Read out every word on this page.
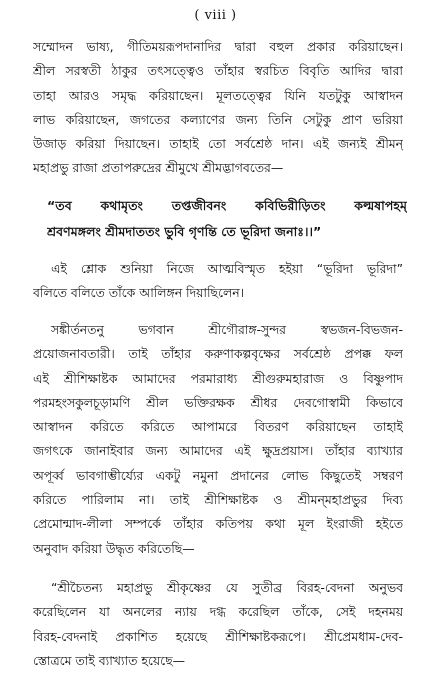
( viii )
সম্মোদন ভাষ্য, গীতিময়রূপদানাদির দ্বারা বহুল প্রকার করিয়াছেন।
শ্রীল সরস্বতী ঠাকুর তৎসত্ত্বেও তাঁহার স্বরচিত বিবৃতি আদির দ্বারা
তাহা আরও সমৃদ্ধ করিয়াছেন। মূলতত্ত্বের যিনি যতটুকু আস্বাদন
লাভ করিয়াছেন, জগতের কল্যাণের জন্য তিনি সেটুকু প্রাণ ভরিয়া
উজাড় করিয়া দিয়াছেন। তাহাই তো সর্বশ্রেষ্ঠ দান। এই জন্যই শ্রীমন্‌
মহাপ্রভু রাজা প্রতাপরুদ্রের শ্রীমুখে শ্রীমদ্ভাগবতের—
“তব কথামৃতং তপ্তজীবনং কবিভিরীড়িতং কল্মষাপহম্‌
শ্রবণমঙ্গলং শ্রীমদাততং ভুবি গৃণন্তি তে ভূরিদা জনাঃ।।”
এই শ্লোক শুনিয়া নিজে আত্মবিস্মৃত হইয়া “ভূরিদা ভূরিদা”
বলিতে বলিতে তাঁকে আলিঙ্গন দিয়াছিলেন।
সঙ্কীর্তনতনু ভগবান শ্রীগৌরাঙ্গ-সুন্দর স্বভজন-বিভজন-
প্রয়োজনাবতারী। তাই তাঁহার করুণাকল্পবৃক্ষের সর্বশ্রেষ্ঠ প্রপক্ক ফল
এই শ্রীশিক্ষাষ্টক আমাদের পরমারাধ্য শ্রীগুরুমহারাজ ও বিষ্ণুপাদ
পরমহংসকুলচূড়ামণি শ্রীল ভক্তিরক্ষক শ্রীধর দেবগোস্বামী কিভাবে
আস্বাদন করিতে করিতে আপামরে বিতরণ করিয়াছেন তাহাই
জগৎকে জানাইবার জন্য আমাদের এই ক্ষুদ্রপ্রয়াস। তাঁহার ব্যাখ্যার
অপূর্ব্ব ভাবগাম্ভীর্য্যের একটু নমুনা প্রদানের লোভ কিছুতেই সম্বরণ
করিতে পারিলাম না। তাই শ্রীশিক্ষাষ্টক ও শ্রীমন্‌মহাপ্রভুর দিব্য
প্রেমোন্মাদ-লীলা সম্পর্কে তাঁহার কতিপয় কথা মূল ইংরাজী হইতে
অনুবাদ করিয়া উদ্ধৃত করিতেছি—
“শ্রীচৈতন্য মহাপ্রভু শ্রীকৃষ্ণের যে সুতীব্র বিরহ-বেদনা অনুভব
করেছিলেন যা অনলের ন্যায় দগ্ধ করেছিল তাঁকে, সেই দহনময়
বিরহ-বেদনাই প্রকাশিত হয়েছে শ্রীশিক্ষাষ্টকরূপে। শ্রীপ্রেমধাম-দেব-
স্তোত্রমে তাই ব্যাখ্যাত হয়েছে—
